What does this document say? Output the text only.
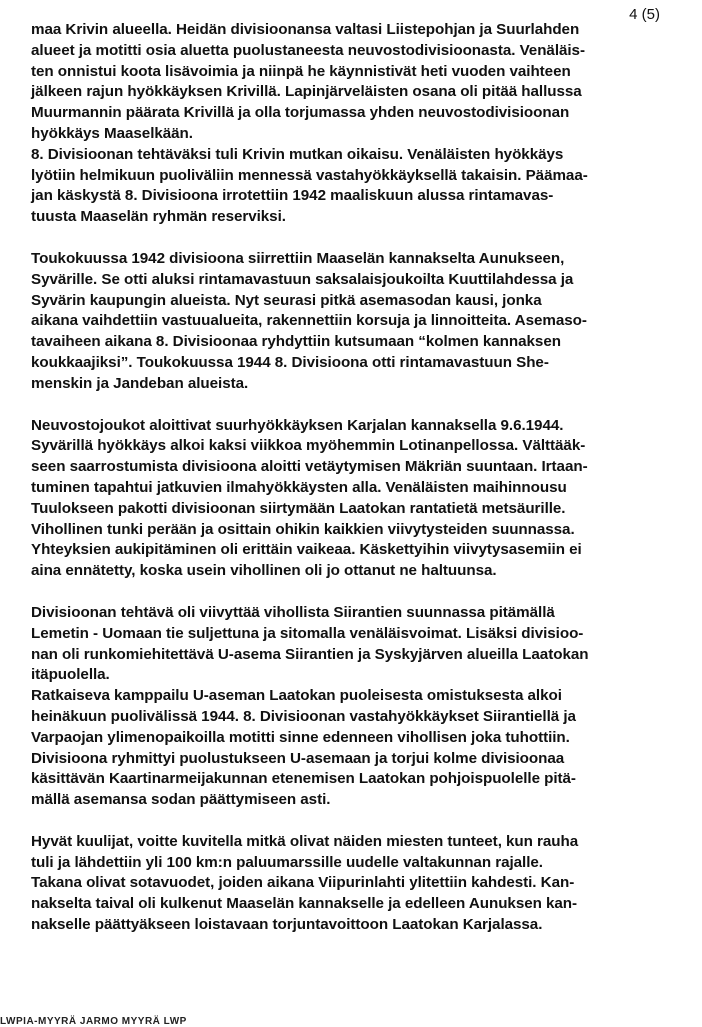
4 (5)

maa Krivin alueella. Heidän divisioonansa valtasi Liistepohjan ja Suurlahden
alueet ja motitti osia aluetta puolustaneesta neuvostodivisioonasta. Venäläis-
ten onnistui koota lisävoimia ja niinpä he käynnistivät heti vuoden vaihteen
jälkeen rajun hyökkäyksen Krivillä. Lapinjärveläisten osana oli pitää hallussa
Muurmannin päärata Krivillä ja olla torjumassa yhden neuvostodivisioonan
hyökkäys Maaselkään.

8. Divisioonan tehtäväksi tuli Krivin mutkan oikaisu. Venäläisten hyökkäys
lyötiin helmikuun puoliväliin mennessä vastahyökkäyksellä takaisin. Päämaa-
jan käskystä 8. Divisioona irrotettiin 1942 maaliskuun alussa rintamavas-
tuusta Maaselän ryhmän reserviksi.

Toukokuussa 1942 divisioona siirrettiin Maaselän kannakselta Aunukseen,
Syvärille. Se otti aluksi rintamavastuun saksalaisjoukoilta Kuuttilahdessa ja
Syvärin kaupungin alueista. Nyt seurasi pitkä asemasodan kausi, jonka
aikana vaihdettiin vastuualueita, rakennettiin korsuja ja linnoitteita. Asemaso-
tavaiheen aikana 8. Divisioonaa ryhdyttiin kutsumaan “kolmen kannaksen
koukkaajiksi”. Toukokuussa 1944 8. Divisioona otti rintamavastuun She-
menskin ja Jandeban alueista.

Neuvostojoukot aloittivat suurhyökkäyksen Karjalan kannaksella 9.6.1944.
Syvärillä hyökkäys alkoi kaksi viikkoa myöhemmin Lotinanpellossa. Välttääk-
seen saarrostumista divisioona aloitti vetäytymisen Mäkriän suuntaan. Irtaan-
tuminen tapahtui jatkuvien ilmahyökkäysten alla. Venäläisten maihinnousu
Tuulokseen pakotti divisioonan siirtymään Laatokan rantatietä metsäurille.
Vihollinen tunki perään ja osittain ohikin kaikkien viivytysteiden suunnassa.
Yhteyksien aukipitäminen oli erittäin vaikeaa. Käskettyihin viivytysasemiin ei
aina ennätetty, koska usein vihollinen oli jo ottanut ne haltuunsa.

Divisioonan tehtävä oli viivyttää vihollista Siirantien suunnassa pitämällä
Lemetin - Uomaan tie suljettuna ja sitomalla venäläisvoimat. Lisäksi divisioo-
nan oli runkomiehitettävä U-asema Siirantien ja Syskyjärven alueilla Laatokan
itäpuolella.

Ratkaiseva kamppailu U-aseman Laatokan puoleisesta omistuksesta alkoi
heinäkuun puolivälissä 1944. 8. Divisioonan vastahyökkäykset Siirantiellä ja
Varpaojan ylimenopaikoilla motitti sinne edenneen vihollisen joka tuhottiin.
Divisioona ryhmittyi puolustukseen U-asemaan ja torjui kolme divisioonaa
käsittävän Kaartinarmeijakunnan etenemisen Laatokan pohjoispuolelle pitä-
mällä asemansa sodan päättymiseen asti.

Hyvät kuulijat, voitte kuvitella mitkä olivat näiden miesten tunteet, kun rauha
tuli ja lähdettiin yli 100 km:n paluumarssille uudelle valtakunnan rajalle.
Takana olivat sotavuodet, joiden aikana Viipurinlahti ylitettiin kahdesti. Kan-
nakselta taival oli kulkenut Maaselän kannakselle ja edelleen Aunuksen kan-
nakselle päättyäkseen loistavaan torjuntavoittoon Laatokan Karjalassa.

LWPIA-MYYRÄ JARMO MYYRÄ LWP
